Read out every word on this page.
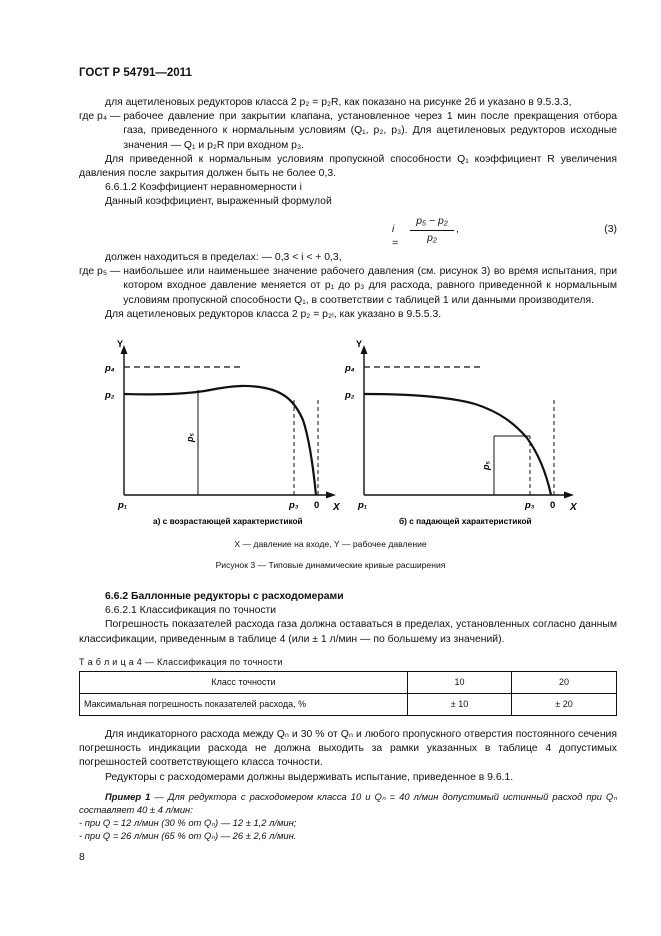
ГОСТ Р 54791—2011

для ацетиленовых редукторов класса 2 p₂ = p₂R, как показано на рисунке 2б и указано в 9.5.3.3,

где p₄ — рабочее давление при закрытии клапана, установленное через 1 мин после прекращения отбора газа, приведенного к нормальным условиям (Q₁, p₂, p₃). Для ацетиленовых редукторов исходные значения — Q₁ и p₂R при входном p₃.

Для приведенной к нормальным условиям пропускной способности Q₁ коэффициент R увеличения давления после закрытия должен быть не более 0,3.

6.6.1.2 Коэффициент неравномерности i

Данный коэффициент, выраженный формулой

i =
p₅ − p₂
p₂
,	(3)

должен находиться в пределах: — 0,3 < i < + 0,3,

где p₅ — наибольшее или наименьшее значение рабочего давления (см. рисунок 3) во время испытания, при котором входное давление меняется от p₁ до p₃ для расхода, равного приведенной к нормальным условиям пропускной способности Q₁, в соответствии с таблицей 1 или данными производителя.

Для ацетиленовых редукторов класса 2 p₂ = p₂ₗ, как указано в 9.5.5.3.

Y
X
p₄
p₂
p₅
p₁	p₃ 0
а) с возрастающей характеристикой
Y
X
p₄
p₂
p₅
p₁	p₃ 0
б) с падающей характеристикой
X — давление на входе, Y — рабочее давление
Рисунок 3 — Типовые динамические кривые расширения

6.6.2 Баллонные редукторы с расходомерами

6.6.2.1 Классификация по точности

Погрешность показателей расхода газа должна оставаться в пределах, установленных согласно данным классификации, приведенным в таблице 4 (или ± 1 л/мин — по большему из значений).

Т а б л и ц а 4 — Классификация по точности
Класс точности	10	20
Максимальная погрешность показателей расхода, %	± 10	± 20

Для индикаторного расхода между Qₙ и 30 % от Qₙ и любого пропускного отверстия постоянного сечения погрешность индикации расхода не должна выходить за рамки указанных в таблице 4 допустимых погрешностей соответствующего класса точности.

Редукторы с расходомерами должны выдерживать испытание, приведенное в 9.6.1.

Пример 1 — Для редуктора с расходомером класса 10 и Qₙ = 40 л/мин допустимый истинный расход при Qₙ составляет 40 ± 4 л/мин:

- при Q = 12 л/мин (30 % от Qₙ) — 12 ± 1,2 л/мин;

- при Q = 26 л/мин (65 % от Qₙ) — 26 ± 2,6 л/мин.

8
